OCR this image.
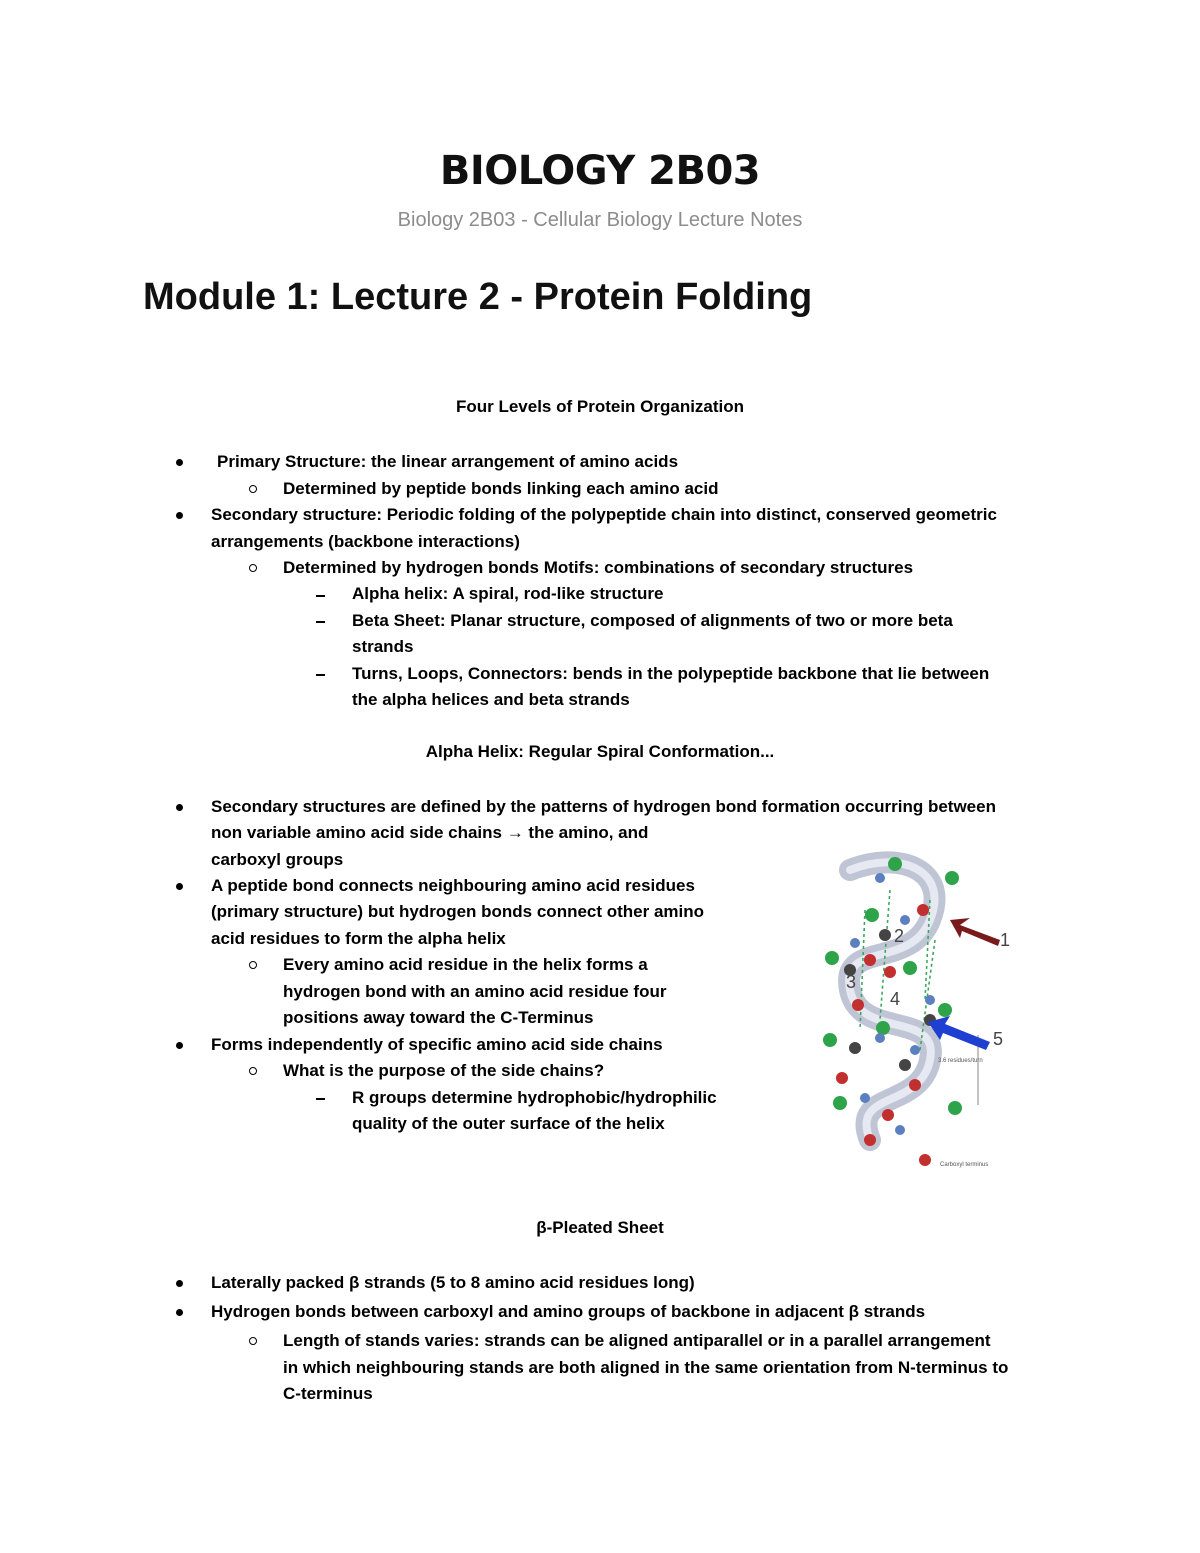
BIOLOGY 2B03
Biology 2B03 - Cellular Biology Lecture Notes
Module 1: Lecture 2 - Protein Folding
Four Levels of Protein Organization
Primary Structure: the linear arrangement of amino acids
Determined by peptide bonds linking each amino acid
Secondary structure: Periodic folding of the polypeptide chain into distinct, conserved geometric
arrangements (backbone interactions)
Determined by hydrogen bonds Motifs: combinations of secondary structures
Alpha helix: A spiral, rod-like structure
Beta Sheet: Planar structure, composed of alignments of two or more beta
strands
Turns, Loops, Connectors: bends in the polypeptide backbone that lie between
the alpha helices and beta strands
Alpha Helix: Regular Spiral Conformation...
Secondary structures are defined by the patterns of hydrogen bond formation occurring between
non variable amino acid side chains → the amino, and
carboxyl groups
A peptide bond connects neighbouring amino acid residues
(primary structure) but hydrogen bonds connect other amino
acid residues to form the alpha helix
Every amino acid residue in the helix forms a
hydrogen bond with an amino acid residue four
positions away toward the C-Terminus
Forms independently of specific amino acid side chains
What is the purpose of the side chains?
R groups determine hydrophobic/hydrophilic
quality of the outer surface of the helix
3.6 residues/turn
1
2
3
4
5
Carboxyl terminus
β-Pleated Sheet
Laterally packed β strands (5 to 8 amino acid residues long)
Hydrogen bonds between carboxyl and amino groups of backbone in adjacent β strands
Length of stands varies: strands can be aligned antiparallel or in a parallel arrangement
in which neighbouring stands are both aligned in the same orientation from N-terminus to
C-terminus
